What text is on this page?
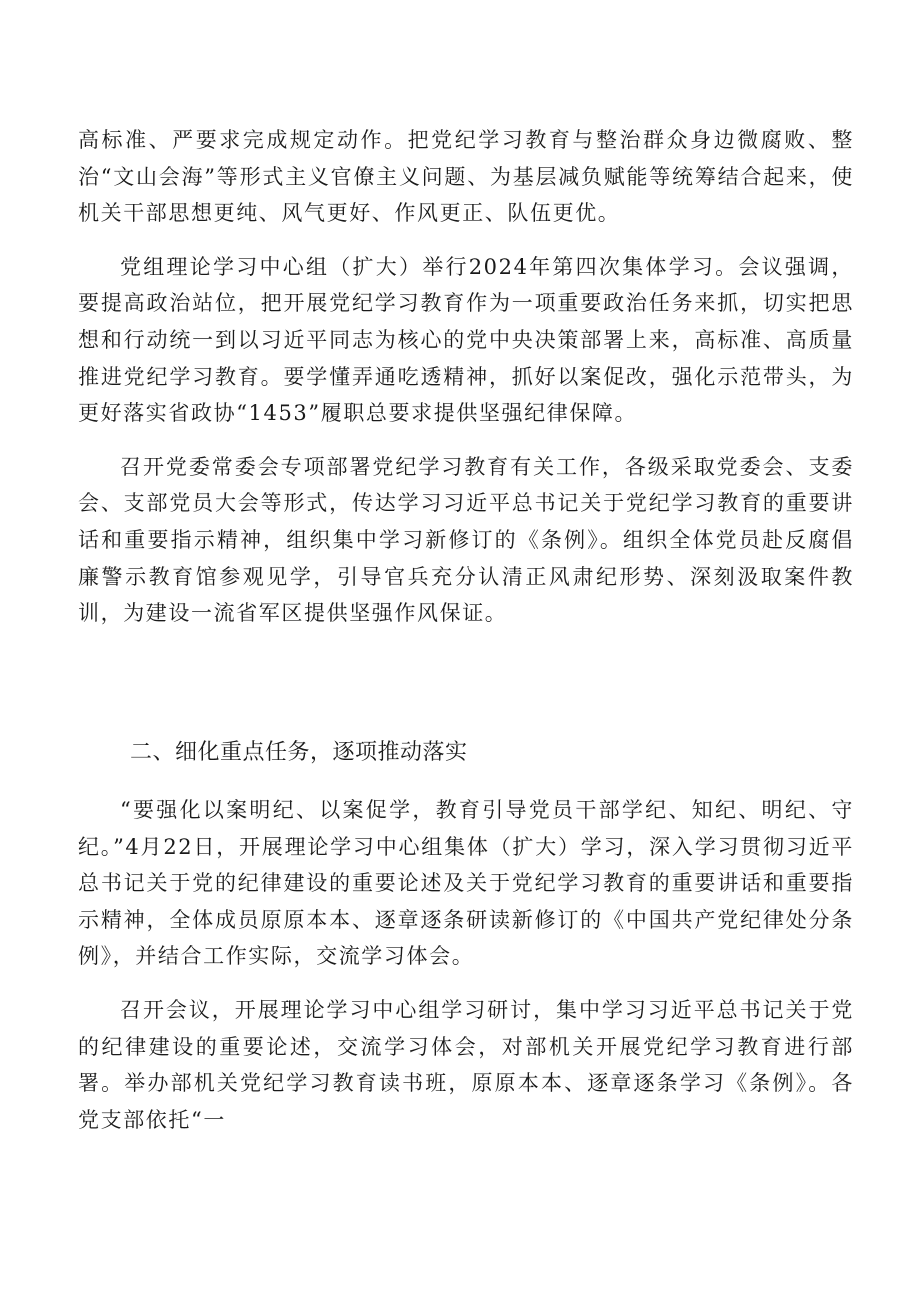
高标准、严要求完成规定动作。把党纪学习教育与整治群众身边微腐败、整治“文山会海”等形式主义官僚主义问题、为基层减负赋能等统筹结合起来，使机关干部思想更纯、风气更好、作风更正、队伍更优。

党组理论学习中心组（扩大）举行2024年第四次集体学习。会议强调，要提高政治站位，把开展党纪学习教育作为一项重要政治任务来抓，切实把思想和行动统一到以习近平同志为核心的党中央决策部署上来，高标准、高质量推进党纪学习教育。要学懂弄通吃透精神，抓好以案促改，强化示范带头，为更好落实省政协“1453”履职总要求提供坚强纪律保障。

召开党委常委会专项部署党纪学习教育有关工作，各级采取党委会、支委会、支部党员大会等形式，传达学习习近平总书记关于党纪学习教育的重要讲话和重要指示精神，组织集中学习新修订的《条例》。组织全体党员赴反腐倡廉警示教育馆参观见学，引导官兵充分认清正风肃纪形势、深刻汲取案件教训，为建设一流省军区提供坚强作风保证。

二、细化重点任务，逐项推动落实

“要强化以案明纪、以案促学，教育引导党员干部学纪、知纪、明纪、守纪。”4月22日，开展理论学习中心组集体（扩大）学习，深入学习贯彻习近平总书记关于党的纪律建设的重要论述及关于党纪学习教育的重要讲话和重要指示精神，全体成员原原本本、逐章逐条研读新修订的《中国共产党纪律处分条例》，并结合工作实际，交流学习体会。

召开会议，开展理论学习中心组学习研讨，集中学习习近平总书记关于党的纪律建设的重要论述，交流学习体会，对部机关开展党纪学习教育进行部署。举办部机关党纪学习教育读书班，原原本本、逐章逐条学习《条例》。各党支部依托“一
